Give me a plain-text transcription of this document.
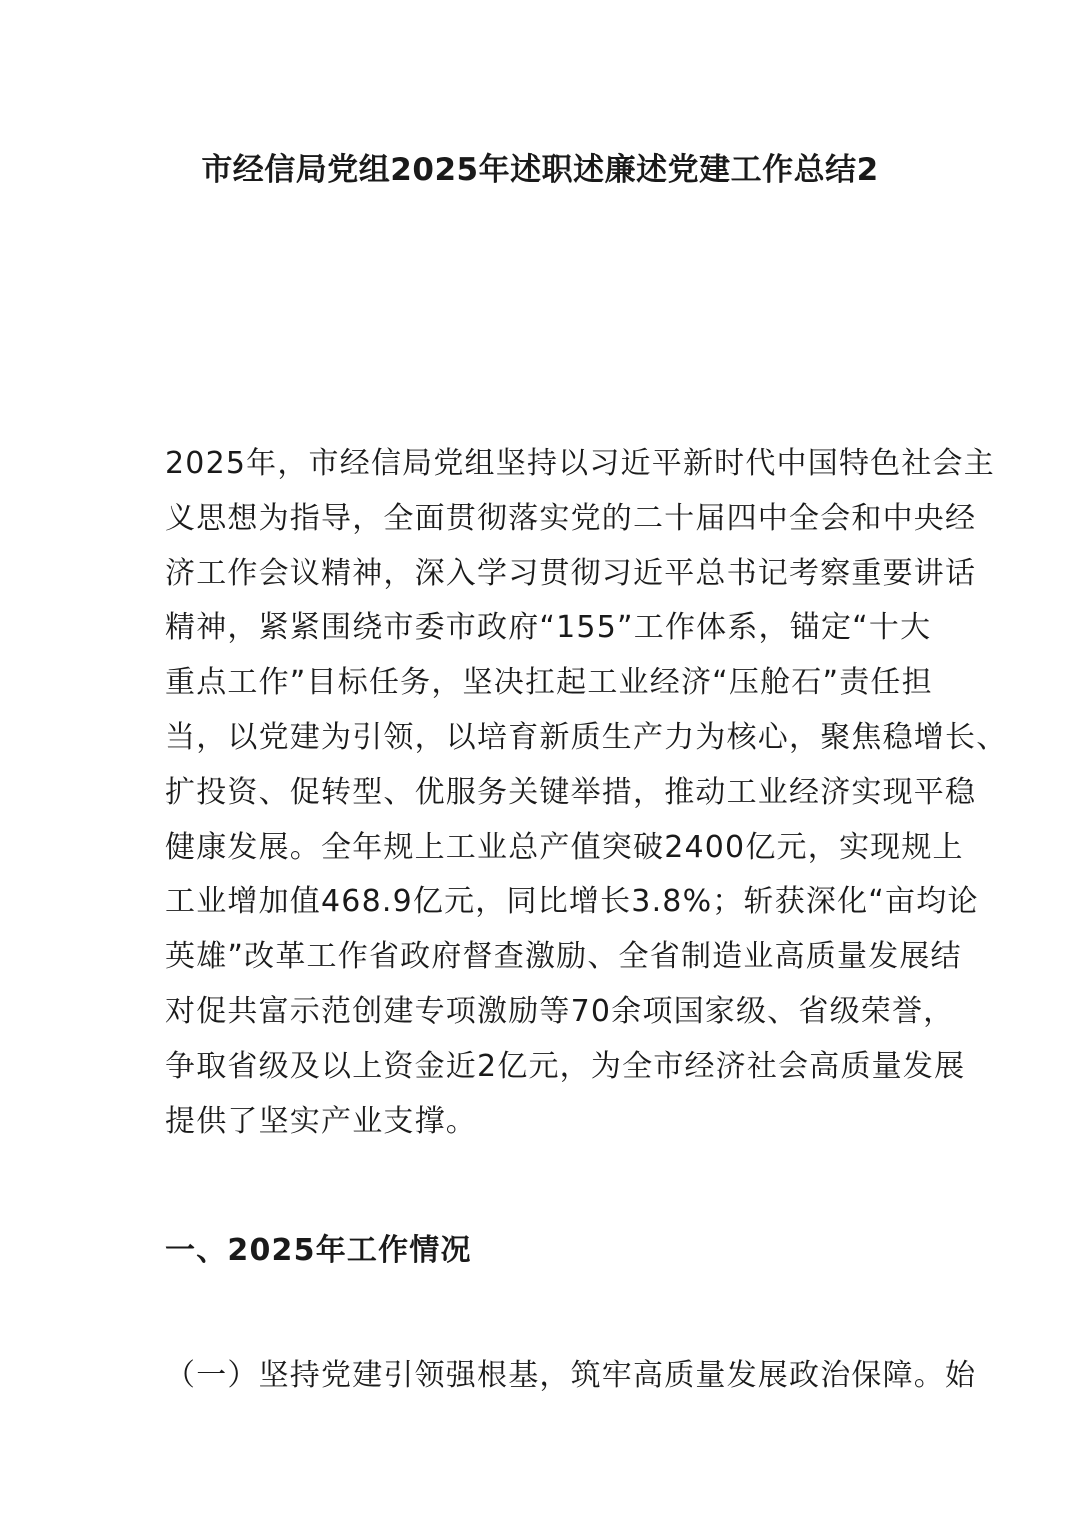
市经信局党组2025年述职述廉述党建工作总结2
2025年，市经信局党组坚持以习近平新时代中国特色社会主
义思想为指导，全面贯彻落实党的二十届四中全会和中央经
济工作会议精神，深入学习贯彻习近平总书记考察重要讲话
精神，紧紧围绕市委市政府“155”工作体系，锚定“十大
重点工作”目标任务，坚决扛起工业经济“压舱石”责任担
当，以党建为引领，以培育新质生产力为核心，聚焦稳增长、
扩投资、促转型、优服务关键举措，推动工业经济实现平稳
健康发展。全年规上工业总产值突破2400亿元，实现规上
工业增加值468.9亿元，同比增长3.8%；斩获深化“亩均论
英雄”改革工作省政府督查激励、全省制造业高质量发展结
对促共富示范创建专项激励等70余项国家级、省级荣誉，
争取省级及以上资金近2亿元，为全市经济社会高质量发展
提供了坚实产业支撑。
一、2025年工作情况

（一）坚持党建引领强根基，筑牢高质量发展政治保障。始
